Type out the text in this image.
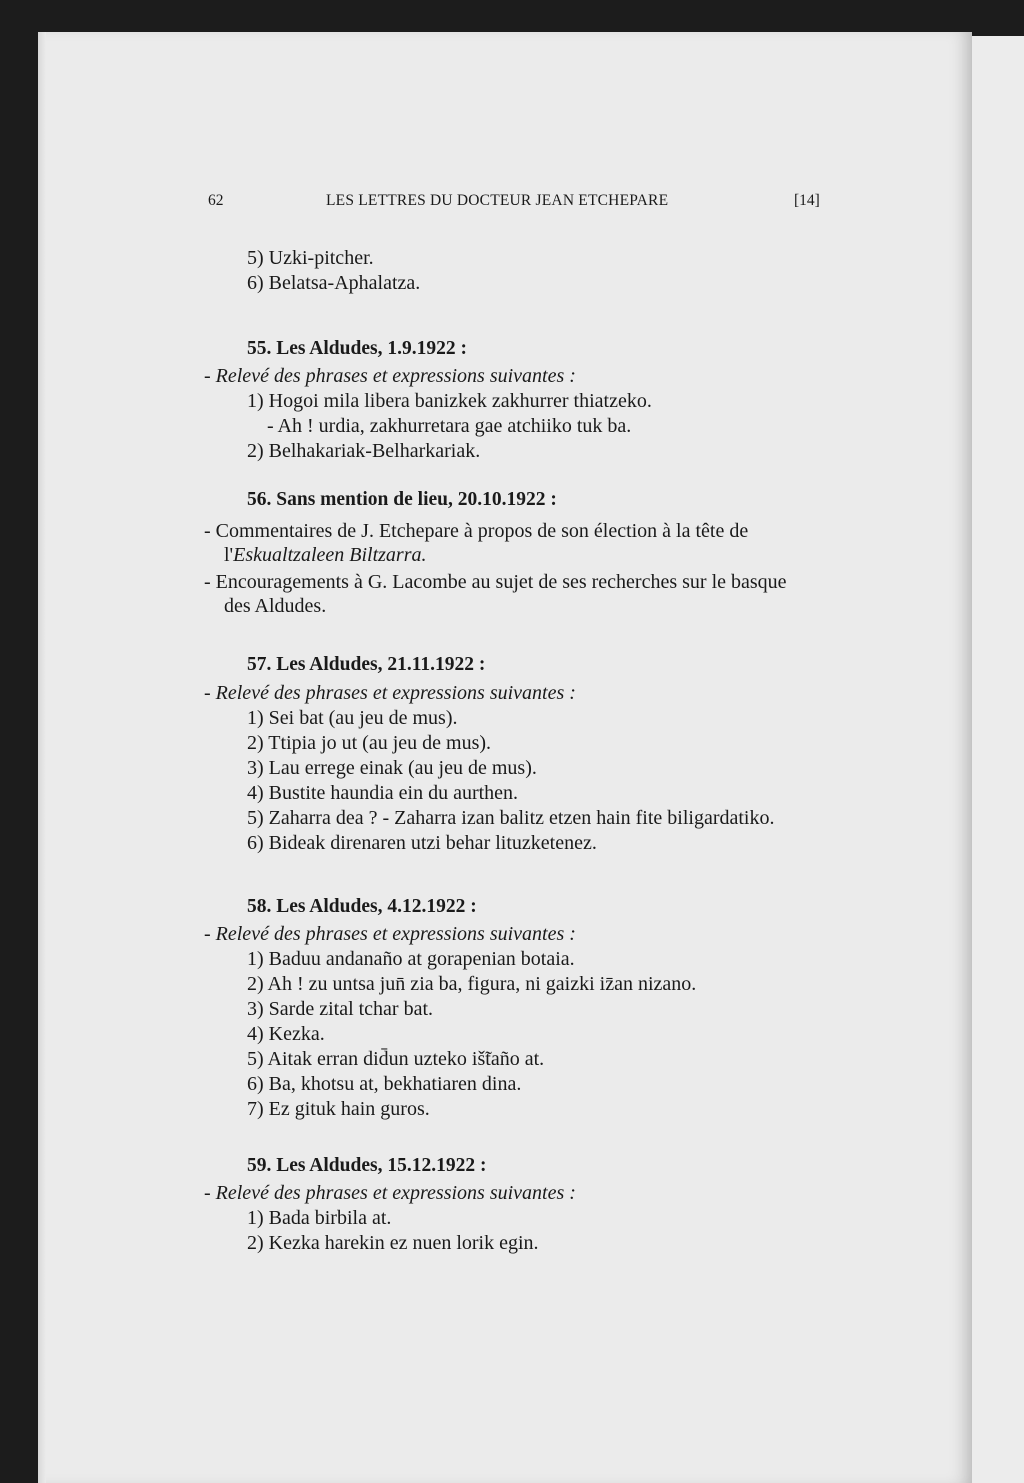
62	LES LETTRES DU DOCTEUR JEAN ETCHEPARE	[14]
5) Uzki-pitcher.
6) Belatsa-Aphalatza.
55. Les Aldudes, 1.9.1922 :
- Relevé des phrases et expressions suivantes :
1) Hogoi mila libera banizkek zakhurrer thiatzeko.
- Ah ! urdia, zakhurretara gae atchiiko tuk ba.
2) Belhakariak-Belharkariak.
56. Sans mention de lieu, 20.10.1922 :
- Commentaires de J. Etchepare à propos de son élection à la tête de
l'Eskualtzaleen Biltzarra.
- Encouragements à G. Lacombe au sujet de ses recherches sur le basque
des Aldudes.
57. Les Aldudes, 21.11.1922 :
- Relevé des phrases et expressions suivantes :
1) Sei bat (au jeu de mus).
2) Ttipia jo ut (au jeu de mus).
3) Lau errege einak (au jeu de mus).
4) Bustite haundia ein du aurthen.
5) Zaharra dea ? - Zaharra izan balitz etzen hain fite biligardatiko.
6) Bideak direnaren utzi behar lituzketenez.
58. Les Aldudes, 4.12.1922 :
- Relevé des phrases et expressions suivantes :
1) Baduu andanaño at gorapenian botaia.
2) Ah ! zu untsa jun̄ zia ba, figura, ni gaizki iz̄an nizano.
3) Sarde zital tchar bat.
4) Kezka.
5) Aitak erran did̄un uzteko iš̃taño at.
6) Ba, khotsu at, bekhatiaren dina.
7) Ez gituk hain guros.
59. Les Aldudes, 15.12.1922 :
- Relevé des phrases et expressions suivantes :
1) Bada birbila at.
2) Kezka harekin ez nuen lorik egin.
